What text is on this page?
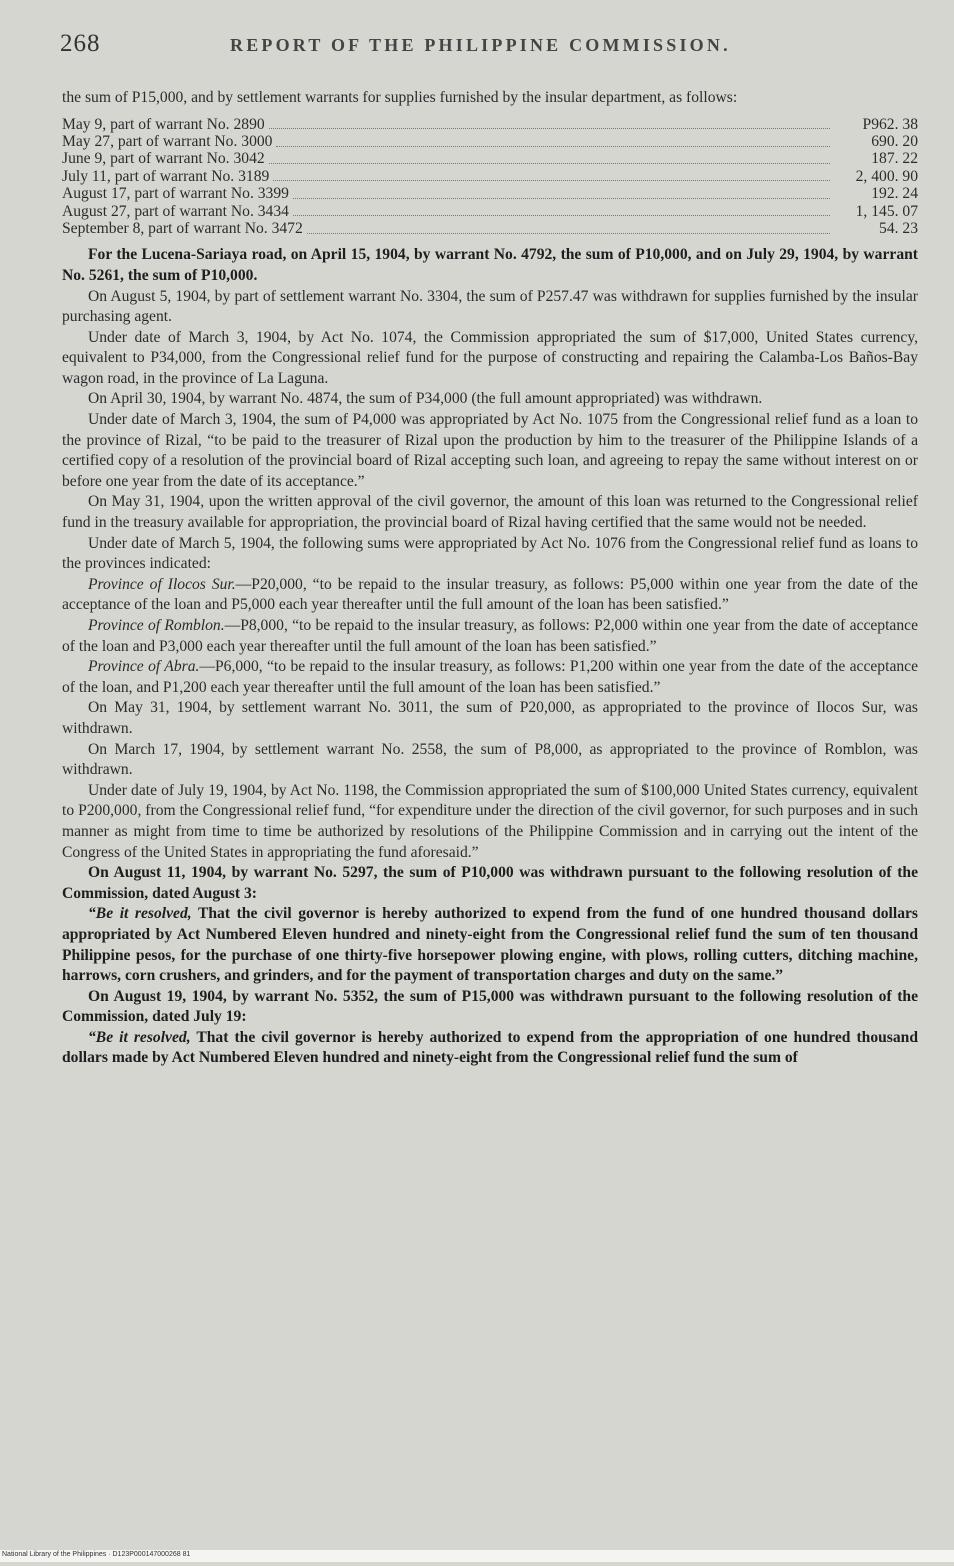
268	REPORT OF THE PHILIPPINE COMMISSION.

the sum of P15,000, and by settlement warrants for supplies furnished by the insular department, as follows:

May 9, part of warrant No. 2890	P962. 38
May 27, part of warrant No. 3000	690. 20
June 9, part of warrant No. 3042	187. 22
July 11, part of warrant No. 3189	2, 400. 90
August 17, part of warrant No. 3399	192. 24
August 27, part of warrant No. 3434	1, 145. 07
September 8, part of warrant No. 3472	54. 23

For the Lucena-Sariaya road, on April 15, 1904, by warrant No. 4792, the sum of P10,000, and on July 29, 1904, by warrant No. 5261, the sum of P10,000.

On August 5, 1904, by part of settlement warrant No. 3304, the sum of P257.47 was withdrawn for supplies furnished by the insular purchasing agent.

Under date of March 3, 1904, by Act No. 1074, the Commission appropriated the sum of $17,000, United States currency, equivalent to P34,000, from the Congressional relief fund for the purpose of constructing and repairing the Calamba-Los Baños-Bay wagon road, in the province of La Laguna.

On April 30, 1904, by warrant No. 4874, the sum of P34,000 (the full amount appropriated) was withdrawn.

Under date of March 3, 1904, the sum of P4,000 was appropriated by Act No. 1075 from the Congressional relief fund as a loan to the province of Rizal, “to be paid to the treasurer of Rizal upon the production by him to the treasurer of the Philippine Islands of a certified copy of a resolution of the provincial board of Rizal accepting such loan, and agreeing to repay the same without interest on or before one year from the date of its acceptance.”

On May 31, 1904, upon the written approval of the civil governor, the amount of this loan was returned to the Congressional relief fund in the treasury available for appropriation, the provincial board of Rizal having certified that the same would not be needed.

Under date of March 5, 1904, the following sums were appropriated by Act No. 1076 from the Congressional relief fund as loans to the provinces indicated:

Province of Ilocos Sur.—P20,000, “to be repaid to the insular treasury, as follows: P5,000 within one year from the date of the acceptance of the loan and P5,000 each year thereafter until the full amount of the loan has been satisfied.”

Province of Romblon.—P8,000, “to be repaid to the insular treasury, as follows: P2,000 within one year from the date of acceptance of the loan and P3,000 each year thereafter until the full amount of the loan has been satisfied.”

Province of Abra.—P6,000, “to be repaid to the insular treasury, as follows: P1,200 within one year from the date of the acceptance of the loan, and P1,200 each year thereafter until the full amount of the loan has been satisfied.”

On May 31, 1904, by settlement warrant No. 3011, the sum of P20,000, as appropriated to the province of Ilocos Sur, was withdrawn.

On March 17, 1904, by settlement warrant No. 2558, the sum of P8,000, as appropriated to the province of Romblon, was withdrawn.

Under date of July 19, 1904, by Act No. 1198, the Commission appropriated the sum of $100,000 United States currency, equivalent to P200,000, from the Congressional relief fund, “for expenditure under the direction of the civil governor, for such purposes and in such manner as might from time to time be authorized by resolutions of the Philippine Commission and in carrying out the intent of the Congress of the United States in appropriating the fund aforesaid.”

On August 11, 1904, by warrant No. 5297, the sum of P10,000 was withdrawn pursuant to the following resolution of the Commission, dated August 3:

“Be it resolved, That the civil governor is hereby authorized to expend from the fund of one hundred thousand dollars appropriated by Act Numbered Eleven hundred and ninety-eight from the Congressional relief fund the sum of ten thousand Philippine pesos, for the purchase of one thirty-five horsepower plowing engine, with plows, rolling cutters, ditching machine, harrows, corn crushers, and grinders, and for the payment of transportation charges and duty on the same.”

On August 19, 1904, by warrant No. 5352, the sum of P15,000 was withdrawn pursuant to the following resolution of the Commission, dated July 19:

“Be it resolved, That the civil governor is hereby authorized to expend from the appropriation of one hundred thousand dollars made by Act Numbered Eleven hundred and ninety-eight from the Congressional relief fund the sum of

National Library of the Philippines · D123P000147000268 81
